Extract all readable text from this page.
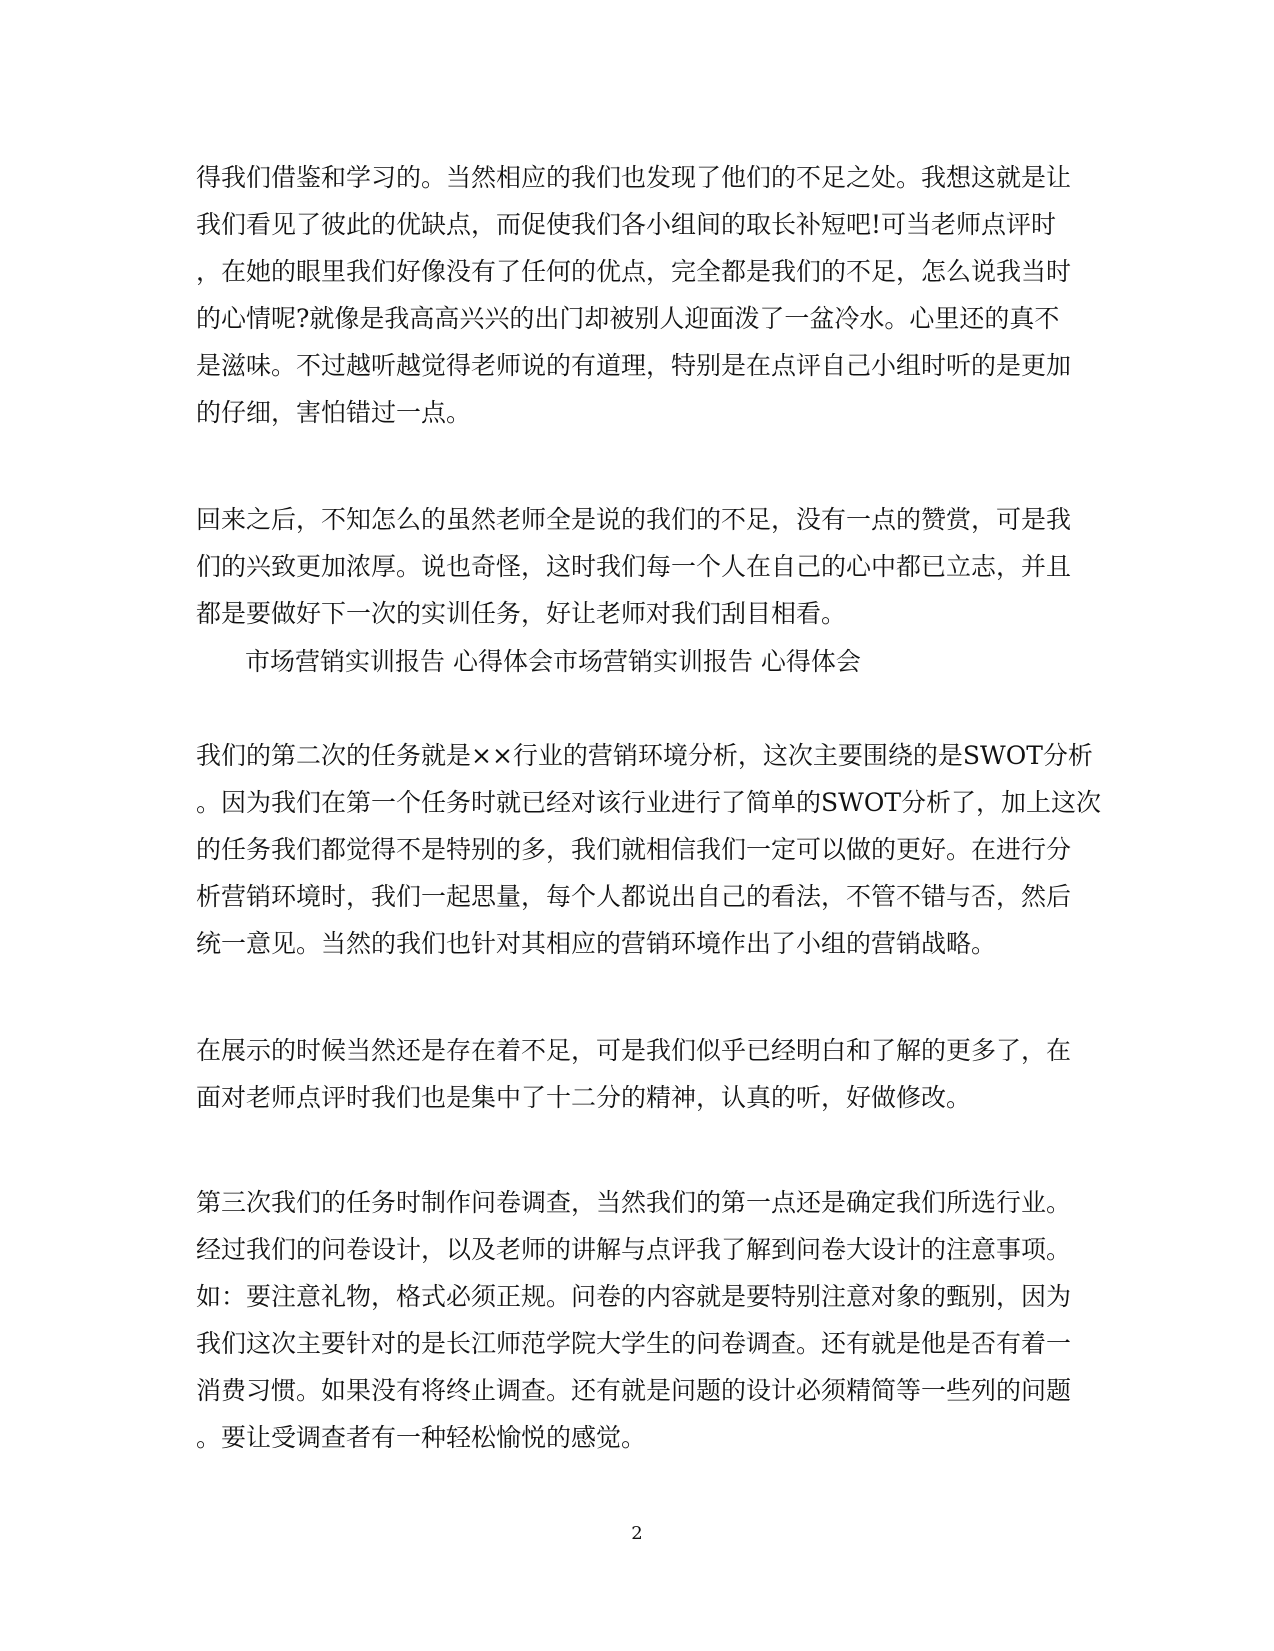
得我们借鉴和学习的。当然相应的我们也发现了他们的不足之处。我想这就是让
我们看见了彼此的优缺点，而促使我们各小组间的取长补短吧!可当老师点评时
，在她的眼里我们好像没有了任何的优点，完全都是我们的不足，怎么说我当时
的心情呢?就像是我高高兴兴的出门却被别人迎面泼了一盆冷水。心里还的真不
是滋味。不过越听越觉得老师说的有道理，特别是在点评自己小组时听的是更加
的仔细，害怕错过一点。
回来之后，不知怎么的虽然老师全是说的我们的不足，没有一点的赞赏，可是我
们的兴致更加浓厚。说也奇怪，这时我们每一个人在自己的心中都已立志，并且
都是要做好下一次的实训任务，好让老师对我们刮目相看。
市场营销实训报告 心得体会市场营销实训报告 心得体会
我们的第二次的任务就是××行业的营销环境分析，这次主要围绕的是SWOT分析
。因为我们在第一个任务时就已经对该行业进行了简单的SWOT分析了，加上这次
的任务我们都觉得不是特别的多，我们就相信我们一定可以做的更好。在进行分
析营销环境时，我们一起思量，每个人都说出自己的看法，不管不错与否，然后
统一意见。当然的我们也针对其相应的营销环境作出了小组的营销战略。
在展示的时候当然还是存在着不足，可是我们似乎已经明白和了解的更多了，在
面对老师点评时我们也是集中了十二分的精神，认真的听，好做修改。
第三次我们的任务时制作问卷调查，当然我们的第一点还是确定我们所选行业。
经过我们的问卷设计，以及老师的讲解与点评我了解到问卷大设计的注意事项。
如：要注意礼物，格式必须正规。问卷的内容就是要特别注意对象的甄别，因为
我们这次主要针对的是长江师范学院大学生的问卷调查。还有就是他是否有着一
消费习惯。如果没有将终止调查。还有就是问题的设计必须精简等一些列的问题
。要让受调查者有一种轻松愉悦的感觉。
2
